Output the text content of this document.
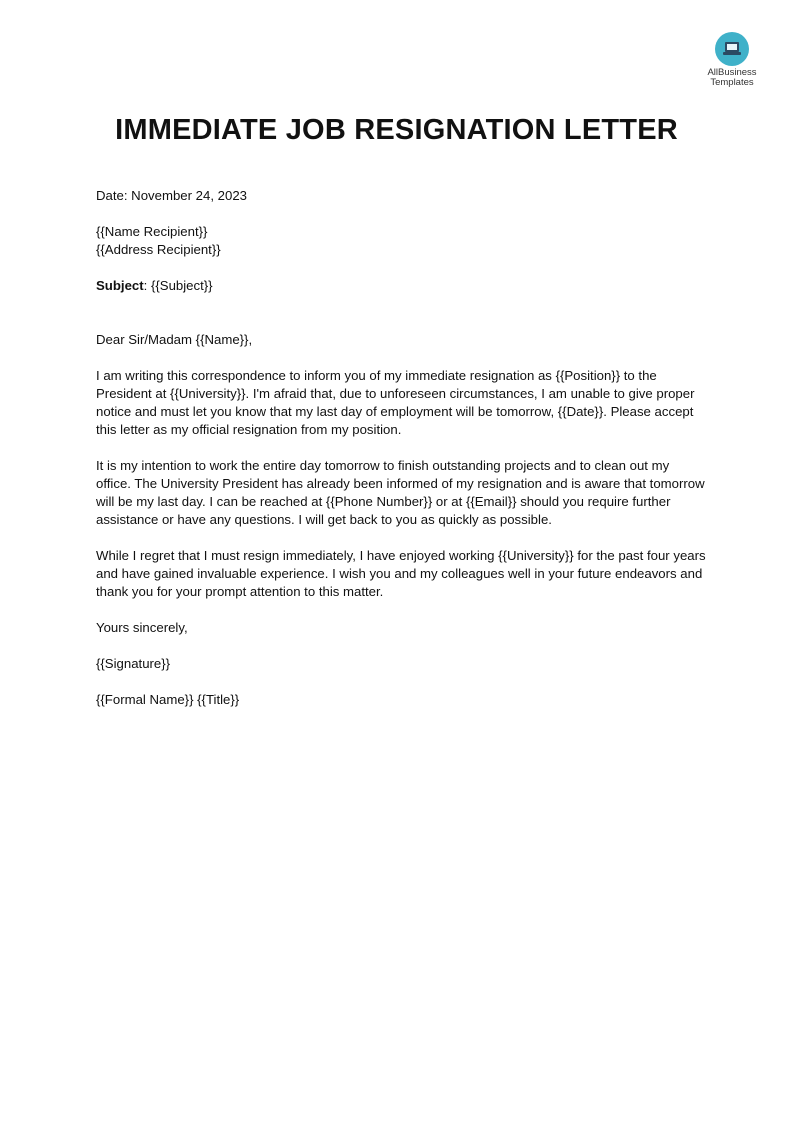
AllBusiness
Templates
IMMEDIATE JOB RESIGNATION LETTER

Date: November 24, 2023

{{Name Recipient}}

{{Address Recipient}}

Subject: {{Subject}}

Dear Sir/Madam {{Name}},

I am writing this correspondence to inform you of my immediate resignation as {{Position}} to the President at {{University}}. I'm afraid that, due to unforeseen circumstances, I am unable to give proper notice and must let you know that my last day of employment will be tomorrow, {{Date}}. Please accept this letter as my official resignation from my position.

It is my intention to work the entire day tomorrow to finish outstanding projects and to clean out my office. The University President has already been informed of my resignation and is aware that tomorrow will be my last day. I can be reached at {{Phone Number}} or at {{Email}} should you require further assistance or have any questions. I will get back to you as quickly as possible.

While I regret that I must resign immediately, I have enjoyed working {{University}} for the past four years and have gained invaluable experience. I wish you and my colleagues well in your future endeavors and thank you for your prompt attention to this matter.

Yours sincerely,

{{Signature}}

{{Formal Name}} {{Title}}
